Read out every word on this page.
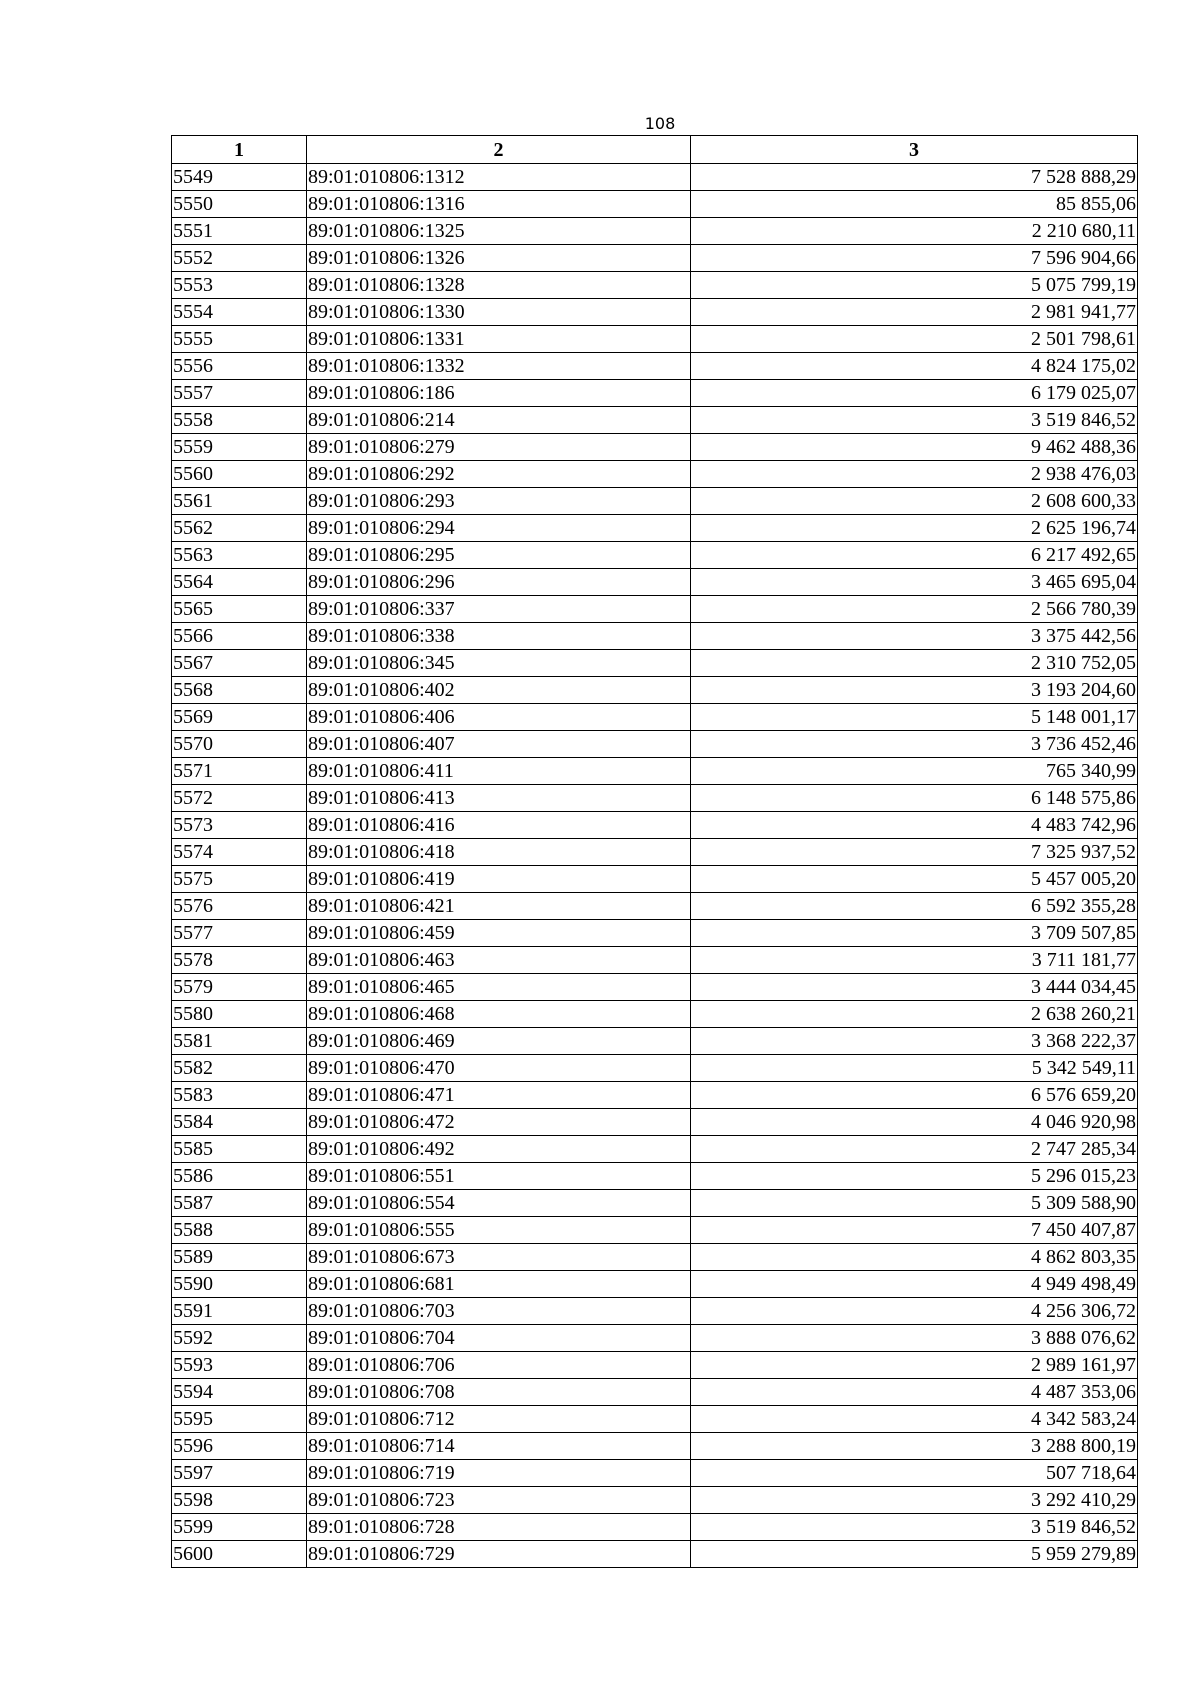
108
1	2	3
5549	89:01:010806:1312	7 528 888,29
5550	89:01:010806:1316	85 855,06
5551	89:01:010806:1325	2 210 680,11
5552	89:01:010806:1326	7 596 904,66
5553	89:01:010806:1328	5 075 799,19
5554	89:01:010806:1330	2 981 941,77
5555	89:01:010806:1331	2 501 798,61
5556	89:01:010806:1332	4 824 175,02
5557	89:01:010806:186	6 179 025,07
5558	89:01:010806:214	3 519 846,52
5559	89:01:010806:279	9 462 488,36
5560	89:01:010806:292	2 938 476,03
5561	89:01:010806:293	2 608 600,33
5562	89:01:010806:294	2 625 196,74
5563	89:01:010806:295	6 217 492,65
5564	89:01:010806:296	3 465 695,04
5565	89:01:010806:337	2 566 780,39
5566	89:01:010806:338	3 375 442,56
5567	89:01:010806:345	2 310 752,05
5568	89:01:010806:402	3 193 204,60
5569	89:01:010806:406	5 148 001,17
5570	89:01:010806:407	3 736 452,46
5571	89:01:010806:411	765 340,99
5572	89:01:010806:413	6 148 575,86
5573	89:01:010806:416	4 483 742,96
5574	89:01:010806:418	7 325 937,52
5575	89:01:010806:419	5 457 005,20
5576	89:01:010806:421	6 592 355,28
5577	89:01:010806:459	3 709 507,85
5578	89:01:010806:463	3 711 181,77
5579	89:01:010806:465	3 444 034,45
5580	89:01:010806:468	2 638 260,21
5581	89:01:010806:469	3 368 222,37
5582	89:01:010806:470	5 342 549,11
5583	89:01:010806:471	6 576 659,20
5584	89:01:010806:472	4 046 920,98
5585	89:01:010806:492	2 747 285,34
5586	89:01:010806:551	5 296 015,23
5587	89:01:010806:554	5 309 588,90
5588	89:01:010806:555	7 450 407,87
5589	89:01:010806:673	4 862 803,35
5590	89:01:010806:681	4 949 498,49
5591	89:01:010806:703	4 256 306,72
5592	89:01:010806:704	3 888 076,62
5593	89:01:010806:706	2 989 161,97
5594	89:01:010806:708	4 487 353,06
5595	89:01:010806:712	4 342 583,24
5596	89:01:010806:714	3 288 800,19
5597	89:01:010806:719	507 718,64
5598	89:01:010806:723	3 292 410,29
5599	89:01:010806:728	3 519 846,52
5600	89:01:010806:729	5 959 279,89
